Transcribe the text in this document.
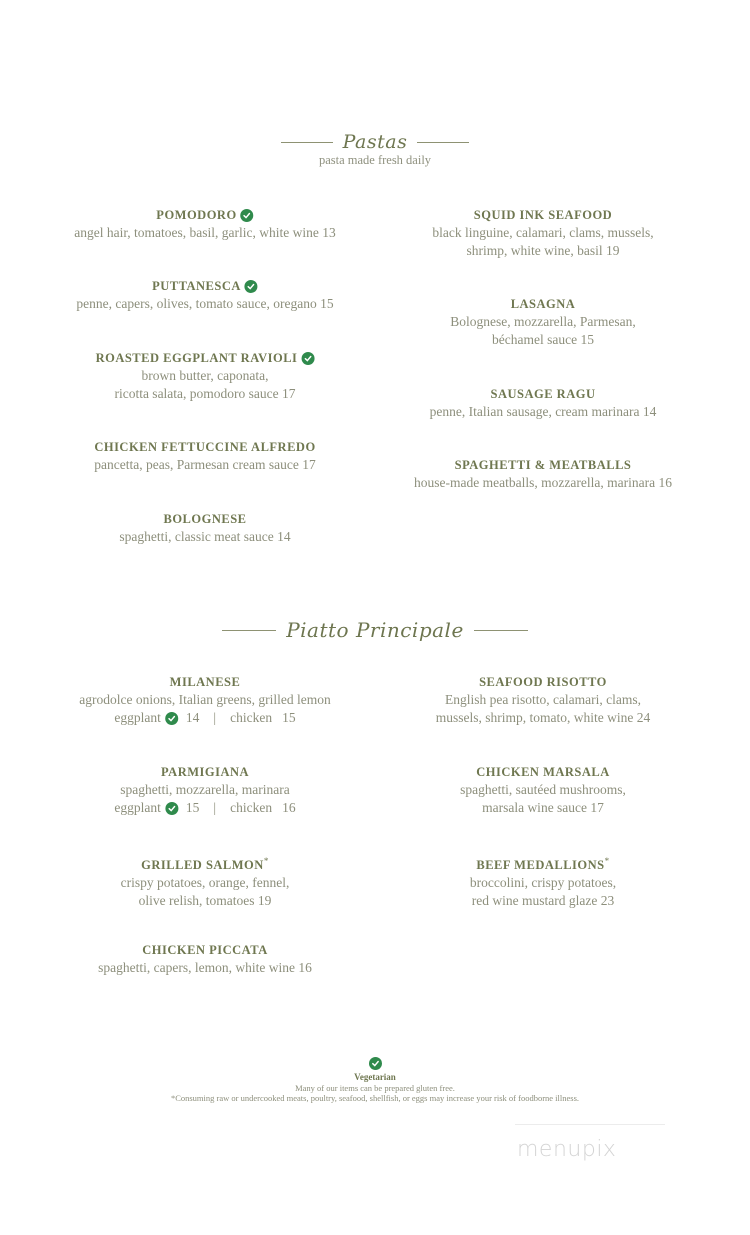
Pastas
pasta made fresh daily
POMODORO
angel hair, tomatoes, basil, garlic, white wine 13
PUTTANESCA
penne, capers, olives, tomato sauce, oregano 15
ROASTED EGGPLANT RAVIOLI
brown butter, caponata,
ricotta salata, pomodoro sauce 17
CHICKEN FETTUCCINE ALFREDO
pancetta, peas, Parmesan cream sauce 17
BOLOGNESE
spaghetti, classic meat sauce 14
SQUID INK SEAFOOD
black linguine, calamari, clams, mussels,
shrimp, white wine, basil 19
LASAGNA
Bolognese, mozzarella, Parmesan,
béchamel sauce 15
SAUSAGE RAGU
penne, Italian sausage, cream marinara 14
SPAGHETTI & MEATBALLS
house-made meatballs, mozzarella, marinara 16
Piatto Principale
MILANESE
agrodolce onions, Italian greens, grilled lemon
eggplant 14 | chicken 15
PARMIGIANA
spaghetti, mozzarella, marinara
eggplant 15 | chicken 16
GRILLED SALMON*
crispy potatoes, orange, fennel,
olive relish, tomatoes 19
CHICKEN PICCATA
spaghetti, capers, lemon, white wine 16
SEAFOOD RISOTTO
English pea risotto, calamari, clams,
mussels, shrimp, tomato, white wine 24
CHICKEN MARSALA
spaghetti, sautéed mushrooms,
marsala wine sauce 17
BEEF MEDALLIONS*
broccolini, crispy potatoes,
red wine mustard glaze 23
Vegetarian
Many of our items can be prepared gluten free.
*Consuming raw or undercooked meats, poultry, seafood, shellfish, or eggs may increase your risk of foodborne illness.
menupix
